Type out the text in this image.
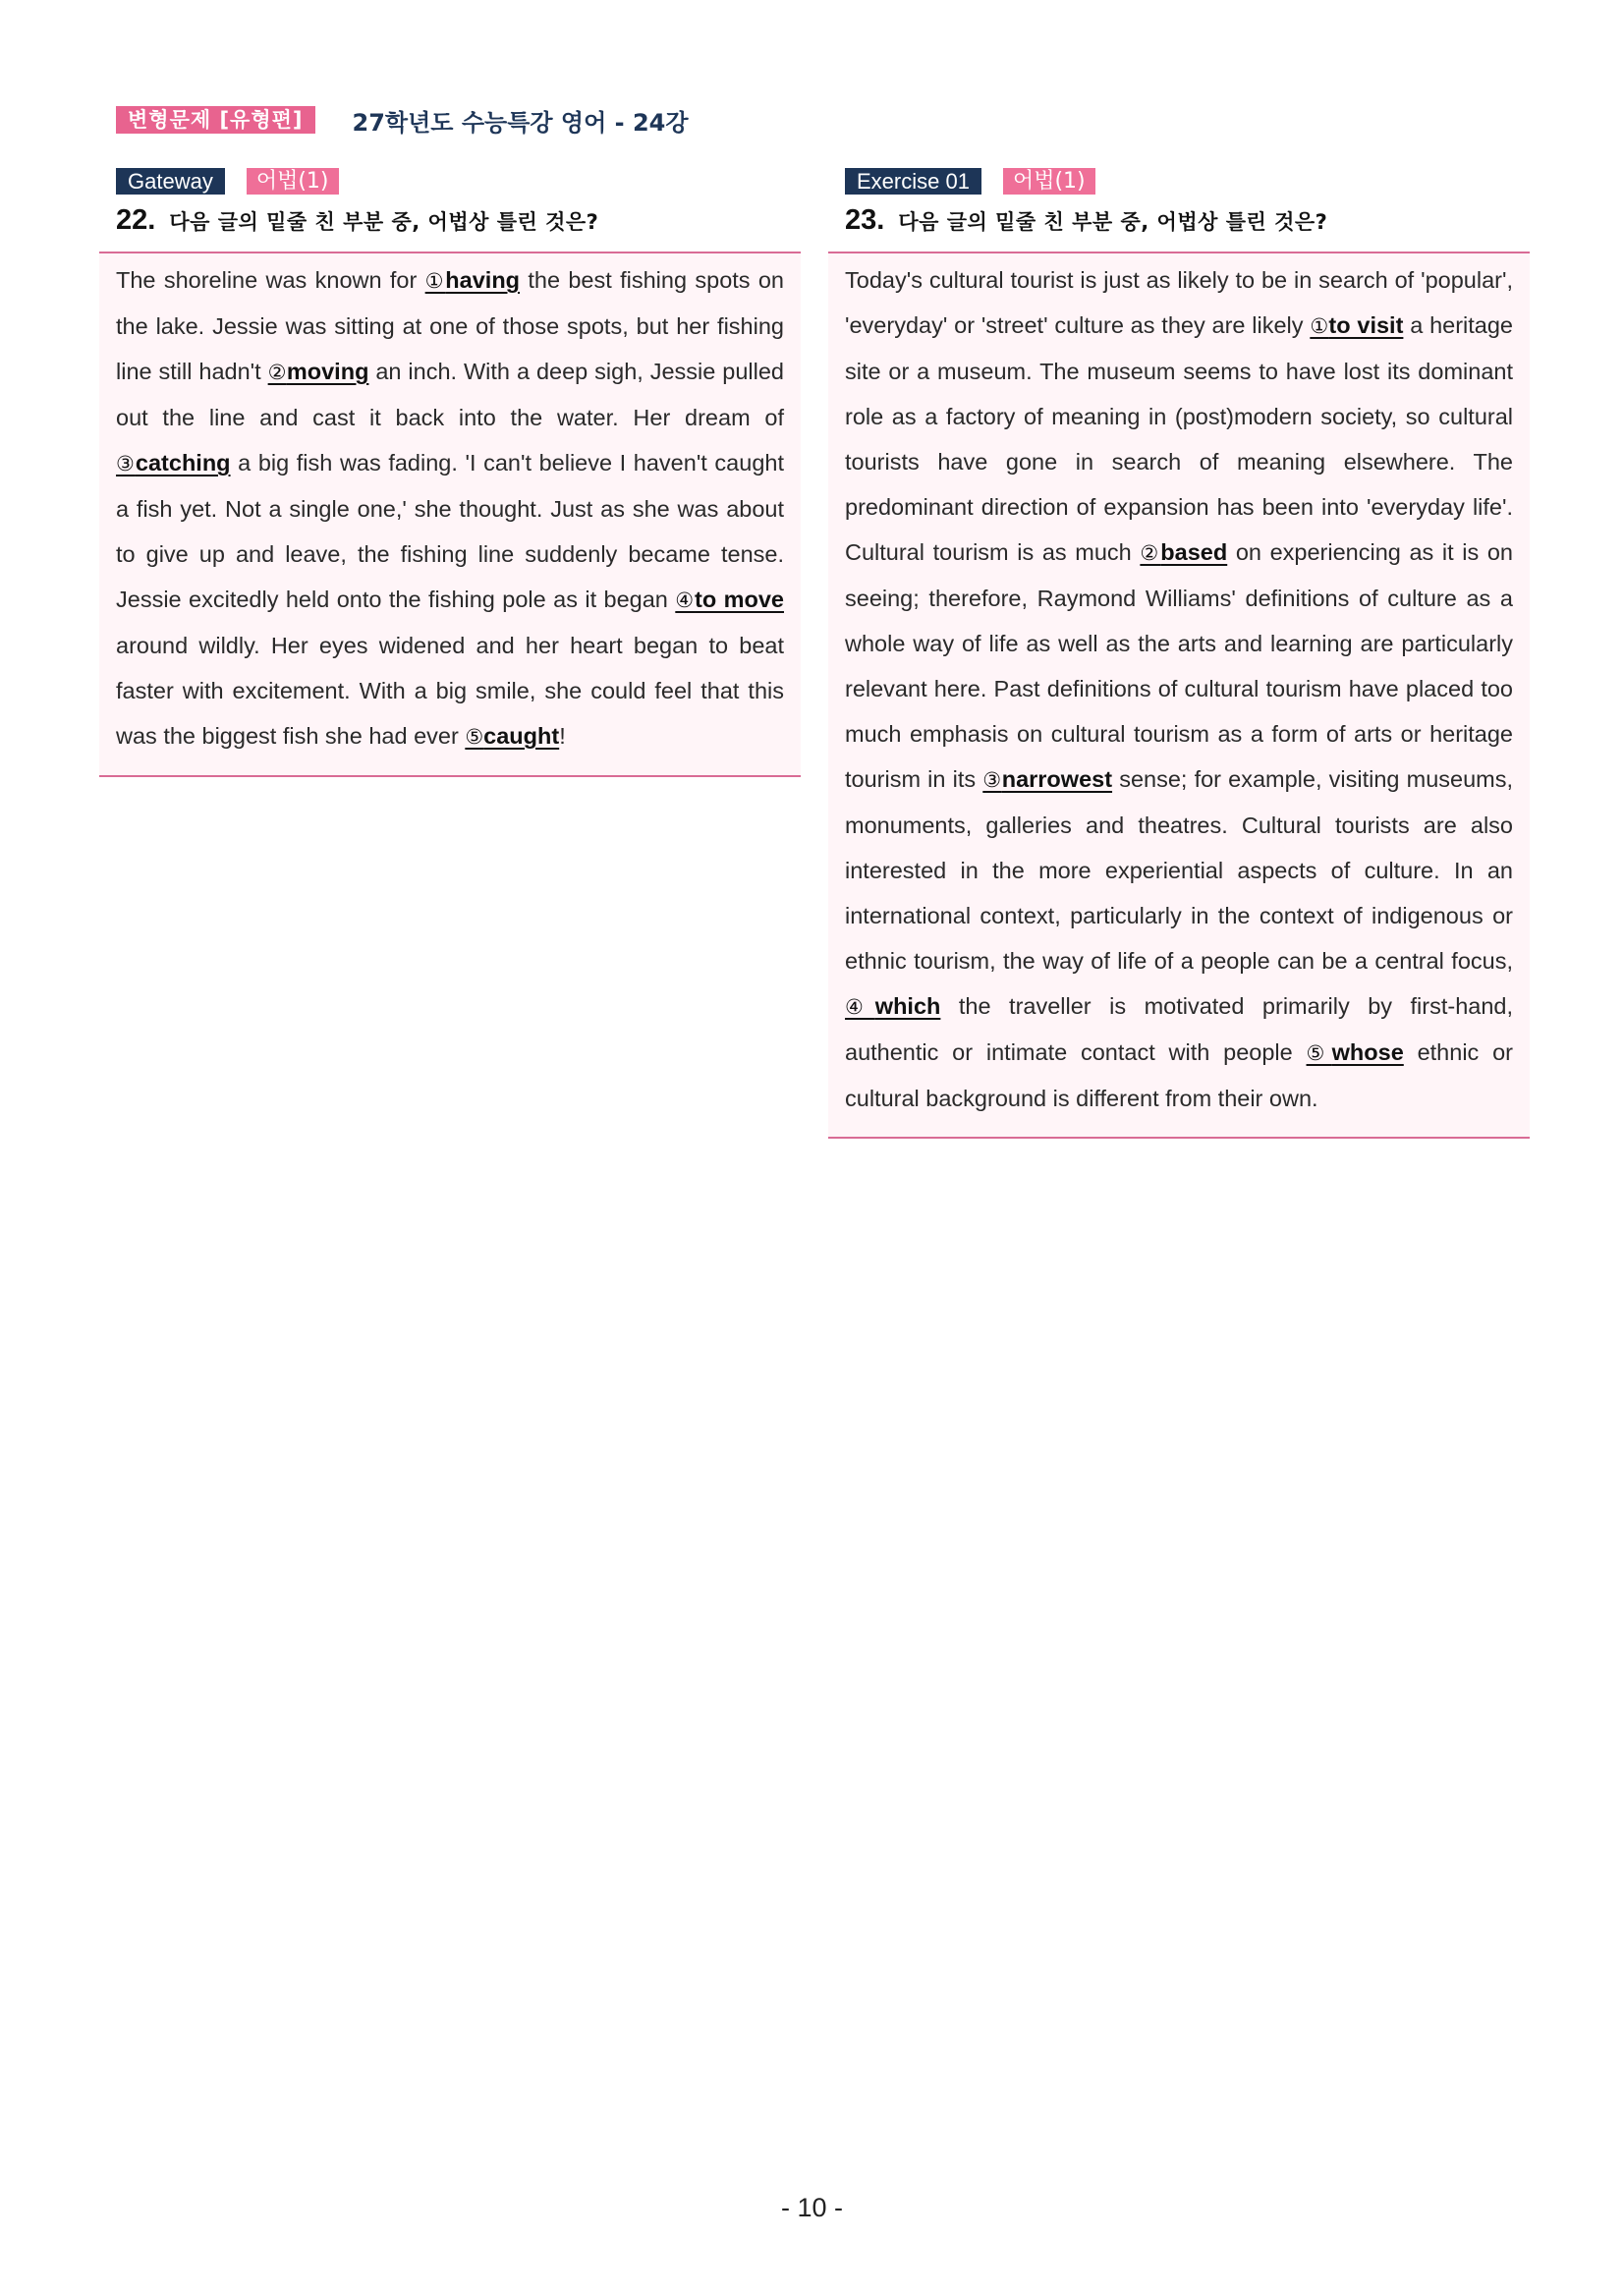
변형문제 [유형편]	27학년도 수능특강 영어 - 24강
Gateway	어법(1)
22. 다음 글의 밑줄 친 부분 중, 어법상 틀린 것은?

The shoreline was known for ①having the best fishing spots on the lake. Jessie was sitting at one of those spots, but her fishing line still hadn't ②moving an inch. With a deep sigh, Jessie pulled out the line and cast it back into the water. Her dream of ③catching a big fish was fading. 'I can't believe I haven't caught a fish yet. Not a single one,' she thought. Just as she was about to give up and leave, the fishing line suddenly became tense. Jessie excitedly held onto the fishing pole as it began ④to move around wildly. Her eyes widened and her heart began to beat faster with excitement. With a big smile, she could feel that this was the biggest fish she had ever ⑤caught!

Exercise 01	어법(1)
23. 다음 글의 밑줄 친 부분 중, 어법상 틀린 것은?

Today's cultural tourist is just as likely to be in search of 'popular', 'everyday' or 'street' culture as they are likely ①to visit a heritage site or a museum. The museum seems to have lost its dominant role as a factory of meaning in (post)modern society, so cultural tourists have gone in search of meaning elsewhere. The predominant direction of expansion has been into 'everyday life'. Cultural tourism is as much ②based on experiencing as it is on seeing; therefore, Raymond Williams' definitions of culture as a whole way of life as well as the arts and learning are particularly relevant here. Past definitions of cultural tourism have placed too much emphasis on cultural tourism as a form of arts or heritage tourism in its ③narrowest sense; for example, visiting museums, monuments, galleries and theatres. Cultural tourists are also interested in the more experiential aspects of culture. In an international context, particularly in the context of indigenous or ethnic tourism, the way of life of a people can be a central focus, ④which the traveller is motivated primarily by first-hand, authentic or intimate contact with people ⑤whose ethnic or cultural background is different from their own.

- 10 -
